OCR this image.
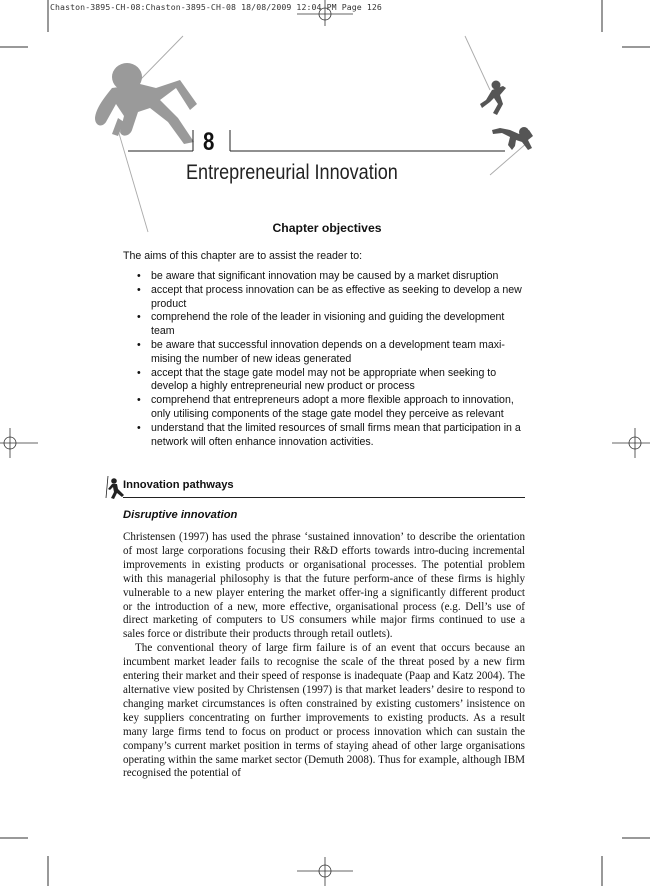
Chaston-3895-CH-08:Chaston-3895-CH-08 18/08/2009 12:04 PM Page 126
8
Entrepreneurial Innovation
Chapter objectives
The aims of this chapter are to assist the reader to:
• be aware that significant innovation may be caused by a market disruption
• accept that process innovation can be as effective as seeking to develop a new product
• comprehend the role of the leader in visioning and guiding the development team
• be aware that successful innovation depends on a development team maxi-mising the number of new ideas generated
• accept that the stage gate model may not be appropriate when seeking to develop a highly entrepreneurial new product or process
• comprehend that entrepreneurs adopt a more flexible approach to innovation, only utilising components of the stage gate model they perceive as relevant
• understand that the limited resources of small firms mean that participation in a network will often enhance innovation activities.
Innovation pathways
Disruptive innovation

Christensen (1997) has used the phrase ‘sustained innovation’ to describe the orientation of most large corporations focusing their R&D efforts towards intro-ducing incremental improvements in existing products or organisational processes. The potential problem with this managerial philosophy is that the future perform-ance of these firms is highly vulnerable to a new player entering the market offer-ing a significantly different product or the introduction of a new, more effective, organisational process (e.g. Dell’s use of direct marketing of computers to US consumers while major firms continued to use a sales force or distribute their products through retail outlets).

The conventional theory of large firm failure is of an event that occurs because an incumbent market leader fails to recognise the scale of the threat posed by a new firm entering their market and their speed of response is inadequate (Paap and Katz 2004). The alternative view posited by Christensen (1997) is that market leaders’ desire to respond to changing market circumstances is often constrained by existing customers’ insistence on key suppliers concentrating on further improvements to existing products. As a result many large firms tend to focus on product or process innovation which can sustain the company’s current market position in terms of staying ahead of other large organisations operating within the same market sector (Demuth 2008). Thus for example, although IBM recognised the potential of
